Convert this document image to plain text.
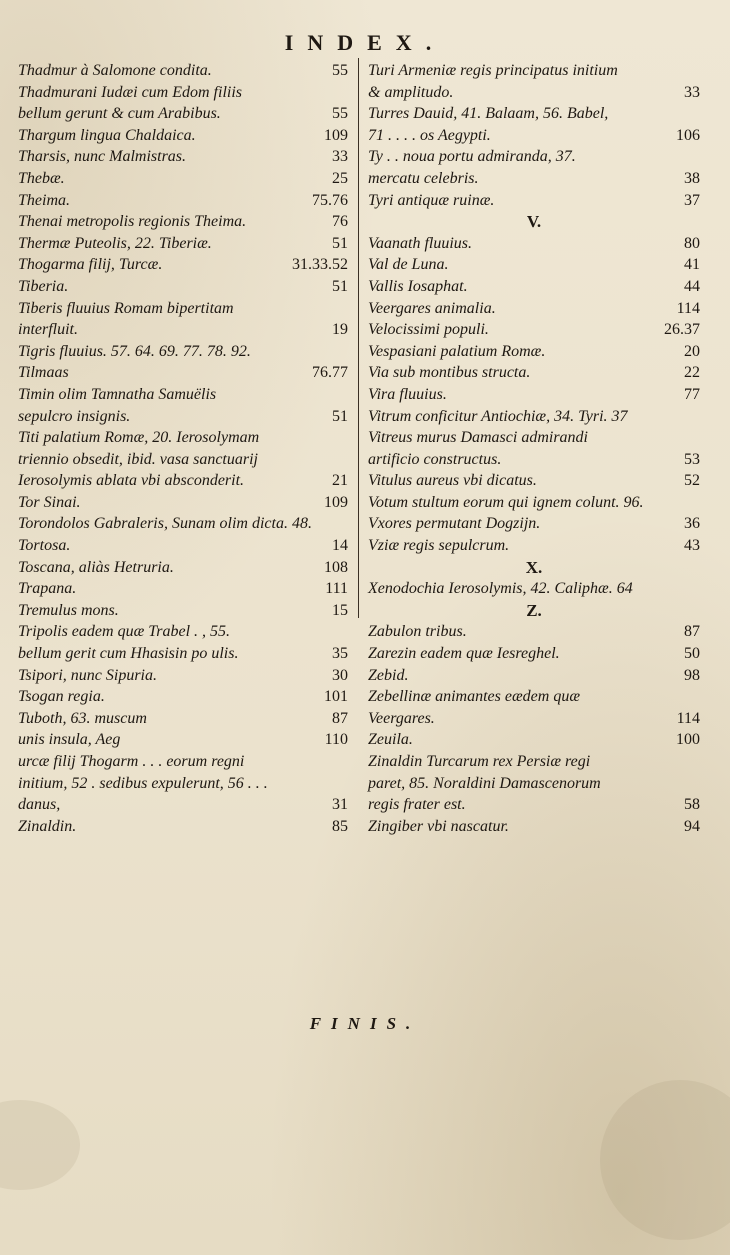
INDEX.
Thadmur à Salomone condita.	55
Thadmurani Iudæi cum Edom filiis bellum gerunt & cum Arabibus.	55
Thargum lingua Chaldaica.	109
Tharsis, nunc Malmistras.	33
Thebæ.	25
Theima.	75.76
Thenai metropolis regionis Theima.	76
Thermæ Puteolis, 22. Tiberiæ.	51
Thogarma filij, Turcæ.	31.33.52
Tiberia.	51
Tiberis fluuius Romam bipertitam interfluit.	19
Tigris fluuius. 57. 64. 69. 77. 78. 92.
Tilmaas	76.77
Timin olim Tamnatha Samuëlis sepulcro insignis.	51
Titi palatium Romæ, 20. Ierosolymam triennio obsedit, ibid. vasa sanctuarij Ierosolymis ablata vbi absconderit.	21
Tor Sinai.	109
Torondolos Gabraleris, Sunam olim dicta. 48.
Tortosa.	14
Toscana, aliàs Hetruria.	108
Trapana.	111
Tremulus mons.	15
Tripolis eadem quæ Trabel . , 55. bellum gerit cum Hhasisin po ulis.	35
Tsipori, nunc Sipuria.	30
Tsogan regia.	101
Tuboth, 63. muscum	87
unis insula, Aeg	110
urcæ filij Thogarm . . . eorum regni initium, 52 . sedibus expulerunt, 56 . . . danus,	31
Zinaldin.	85
Turi Armeniæ regis principatus initium & amplitudo.	33
Turres Dauid, 41. Balaam, 56. Babel, 71 . . . . os Aegypti.	106
Ty . . noua portu admiranda, 37. mercatu celebris.	38
Tyri antiquæ ruinæ.	37
V.
Vaanath fluuius.	80
Val de Luna.	41
Vallis Iosaphat.	44
Veergares animalia.	114
Velocissimi populi.	26.37
Vespasiani palatium Romæ.	20
Via sub montibus structa.	22
Vira fluuius.	77
Vitrum conficitur Antiochiæ, 34. Tyri. 37
Vitreus murus Damasci admirandi artificio constructus.	53
Vitulus aureus vbi dicatus.	52
Votum stultum eorum qui ignem colunt. 96.
Vxores permutant Dogzijn.	36
Vziæ regis sepulcrum.	43
X.
Xenodochia Ierosolymis, 42. Caliphæ. 64
Z.
Zabulon tribus.	87
Zarezin eadem quæ Iesreghel.	50
Zebid.	98
Zebellinæ animantes eædem quæ Veergares.	114
Zeuila.	100
Zinaldin Turcarum rex Persiæ regi paret, 85. Noraldini Damascenorum regis frater est.	58
Zingiber vbi nascatur.	94
FINIS.
